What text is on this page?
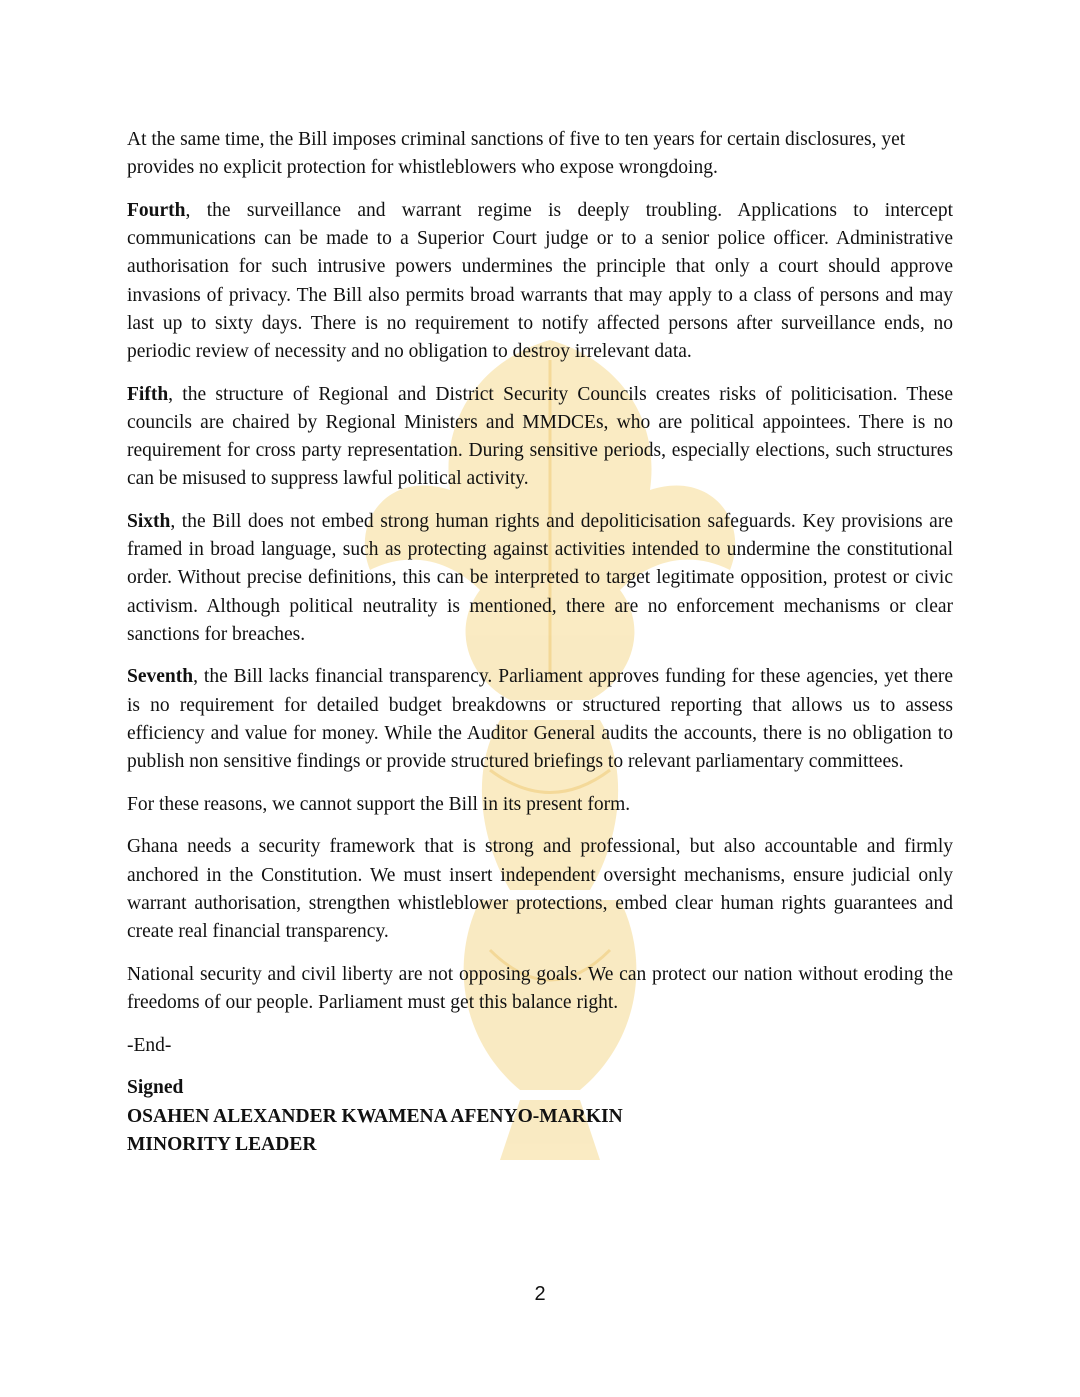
At the same time, the Bill imposes criminal sanctions of five to ten years for certain disclosures, yet provides no explicit protection for whistleblowers who expose wrongdoing.

Fourth, the surveillance and warrant regime is deeply troubling. Applications to intercept communications can be made to a Superior Court judge or to a senior police officer. Administrative authorisation for such intrusive powers undermines the principle that only a court should approve invasions of privacy. The Bill also permits broad warrants that may apply to a class of persons and may last up to sixty days. There is no requirement to notify affected persons after surveillance ends, no periodic review of necessity and no obligation to destroy irrelevant data.

Fifth, the structure of Regional and District Security Councils creates risks of politicisation. These councils are chaired by Regional Ministers and MMDCEs, who are political appointees. There is no requirement for cross party representation. During sensitive periods, especially elections, such structures can be misused to suppress lawful political activity.

Sixth, the Bill does not embed strong human rights and depoliticisation safeguards. Key provisions are framed in broad language, such as protecting against activities intended to undermine the constitutional order. Without precise definitions, this can be interpreted to target legitimate opposition, protest or civic activism. Although political neutrality is mentioned, there are no enforcement mechanisms or clear sanctions for breaches.

Seventh, the Bill lacks financial transparency. Parliament approves funding for these agencies, yet there is no requirement for detailed budget breakdowns or structured reporting that allows us to assess efficiency and value for money. While the Auditor General audits the accounts, there is no obligation to publish non sensitive findings or provide structured briefings to relevant parliamentary committees.

For these reasons, we cannot support the Bill in its present form.

Ghana needs a security framework that is strong and professional, but also accountable and firmly anchored in the Constitution. We must insert independent oversight mechanisms, ensure judicial only warrant authorisation, strengthen whistleblower protections, embed clear human rights guarantees and create real financial transparency.

National security and civil liberty are not opposing goals. We can protect our nation without eroding the freedoms of our people. Parliament must get this balance right.

-End-

Signed
OSAHEN ALEXANDER KWAMENA AFENYO-MARKIN
MINORITY LEADER
2
